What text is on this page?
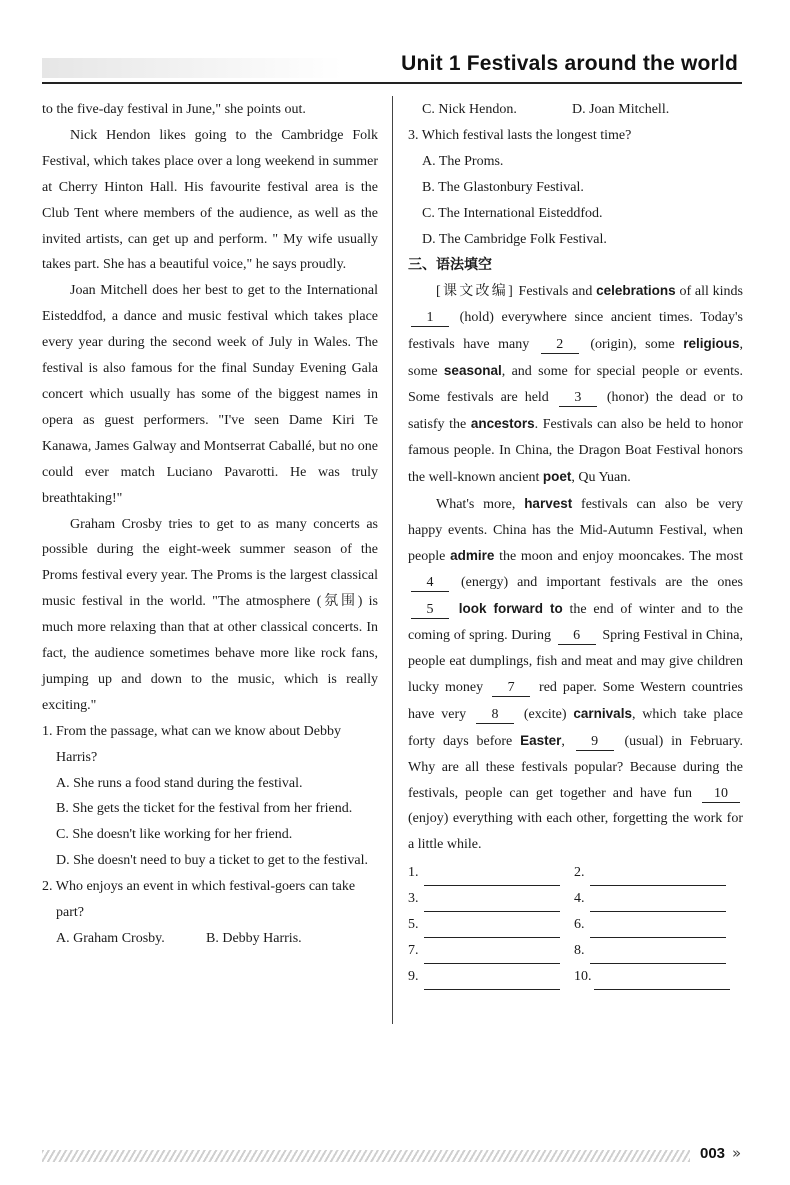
Unit 1 Festivals around the world

to the five-day festival in June," she points out.

Nick Hendon likes going to the Cambridge Folk Festival, which takes place over a long weekend in summer at Cherry Hinton Hall. His favourite festival area is the Club Tent where members of the audience, as well as the invited artists, can get up and perform. " My wife usually takes part. She has a beautiful voice," he says proudly.

Joan Mitchell does her best to get to the International Eisteddfod, a dance and music festival which takes place every year during the second week of July in Wales. The festival is also famous for the final Sunday Evening Gala concert which usually has some of the biggest names in opera as guest performers. "I've seen Dame Kiri Te Kanawa, James Galway and Montserrat Caballé, but no one could ever match Luciano Pavarotti. He was truly breathtaking!"

Graham Crosby tries to get to as many concerts as possible during the eight-week summer season of the Proms festival every year. The Proms is the largest classical music festival in the world. "The atmosphere (氛围) is much more relaxing than that at other classical concerts. In fact, the audience sometimes behave more like rock fans, jumping up and down to the music, which is really exciting."

1. From the passage, what can we know about Debby Harris?

A. She runs a food stand during the festival.

B. She gets the ticket for the festival from her friend.

C. She doesn't like working for her friend.

D. She doesn't need to buy a ticket to get to the festival.

2. Who enjoys an event in which festival-goers can take part?

A. Graham Crosby.	B. Debby Harris.
C. Nick Hendon.	D. Joan Mitchell.

3. Which festival lasts the longest time?

A. The Proms.

B. The Glastonbury Festival.

C. The International Eisteddfod.

D. The Cambridge Folk Festival.

三、语法填空

[课文改编] Festivals and celebrations of all kinds 1 (hold) everywhere since ancient times. Today's festivals have many 2 (origin), some religious, some seasonal, and some for special people or events. Some festivals are held 3 (honor) the dead or to satisfy the ancestors. Festivals can also be held to honor famous people. In China, the Dragon Boat Festival honors the well-known ancient poet, Qu Yuan.

What's more, harvest festivals can also be very happy events. China has the Mid-Autumn Festival, when people admire the moon and enjoy mooncakes. The most 4 (energy) and important festivals are the ones 5 look forward to the end of winter and to the coming of spring. During 6 Spring Festival in China, people eat dumplings, fish and meat and may give children lucky money 7 red paper. Some Western countries have very 8 (excite) carnivals, which take place forty days before Easter, 9 (usual) in February. Why are all these festivals popular? Because during the festivals, people can get together and have fun 10 (enjoy) everything with each other, forgetting the work for a little while.

1.	2.
3.	4.
5.	6.
7.	8.
9.	10.
003 »
